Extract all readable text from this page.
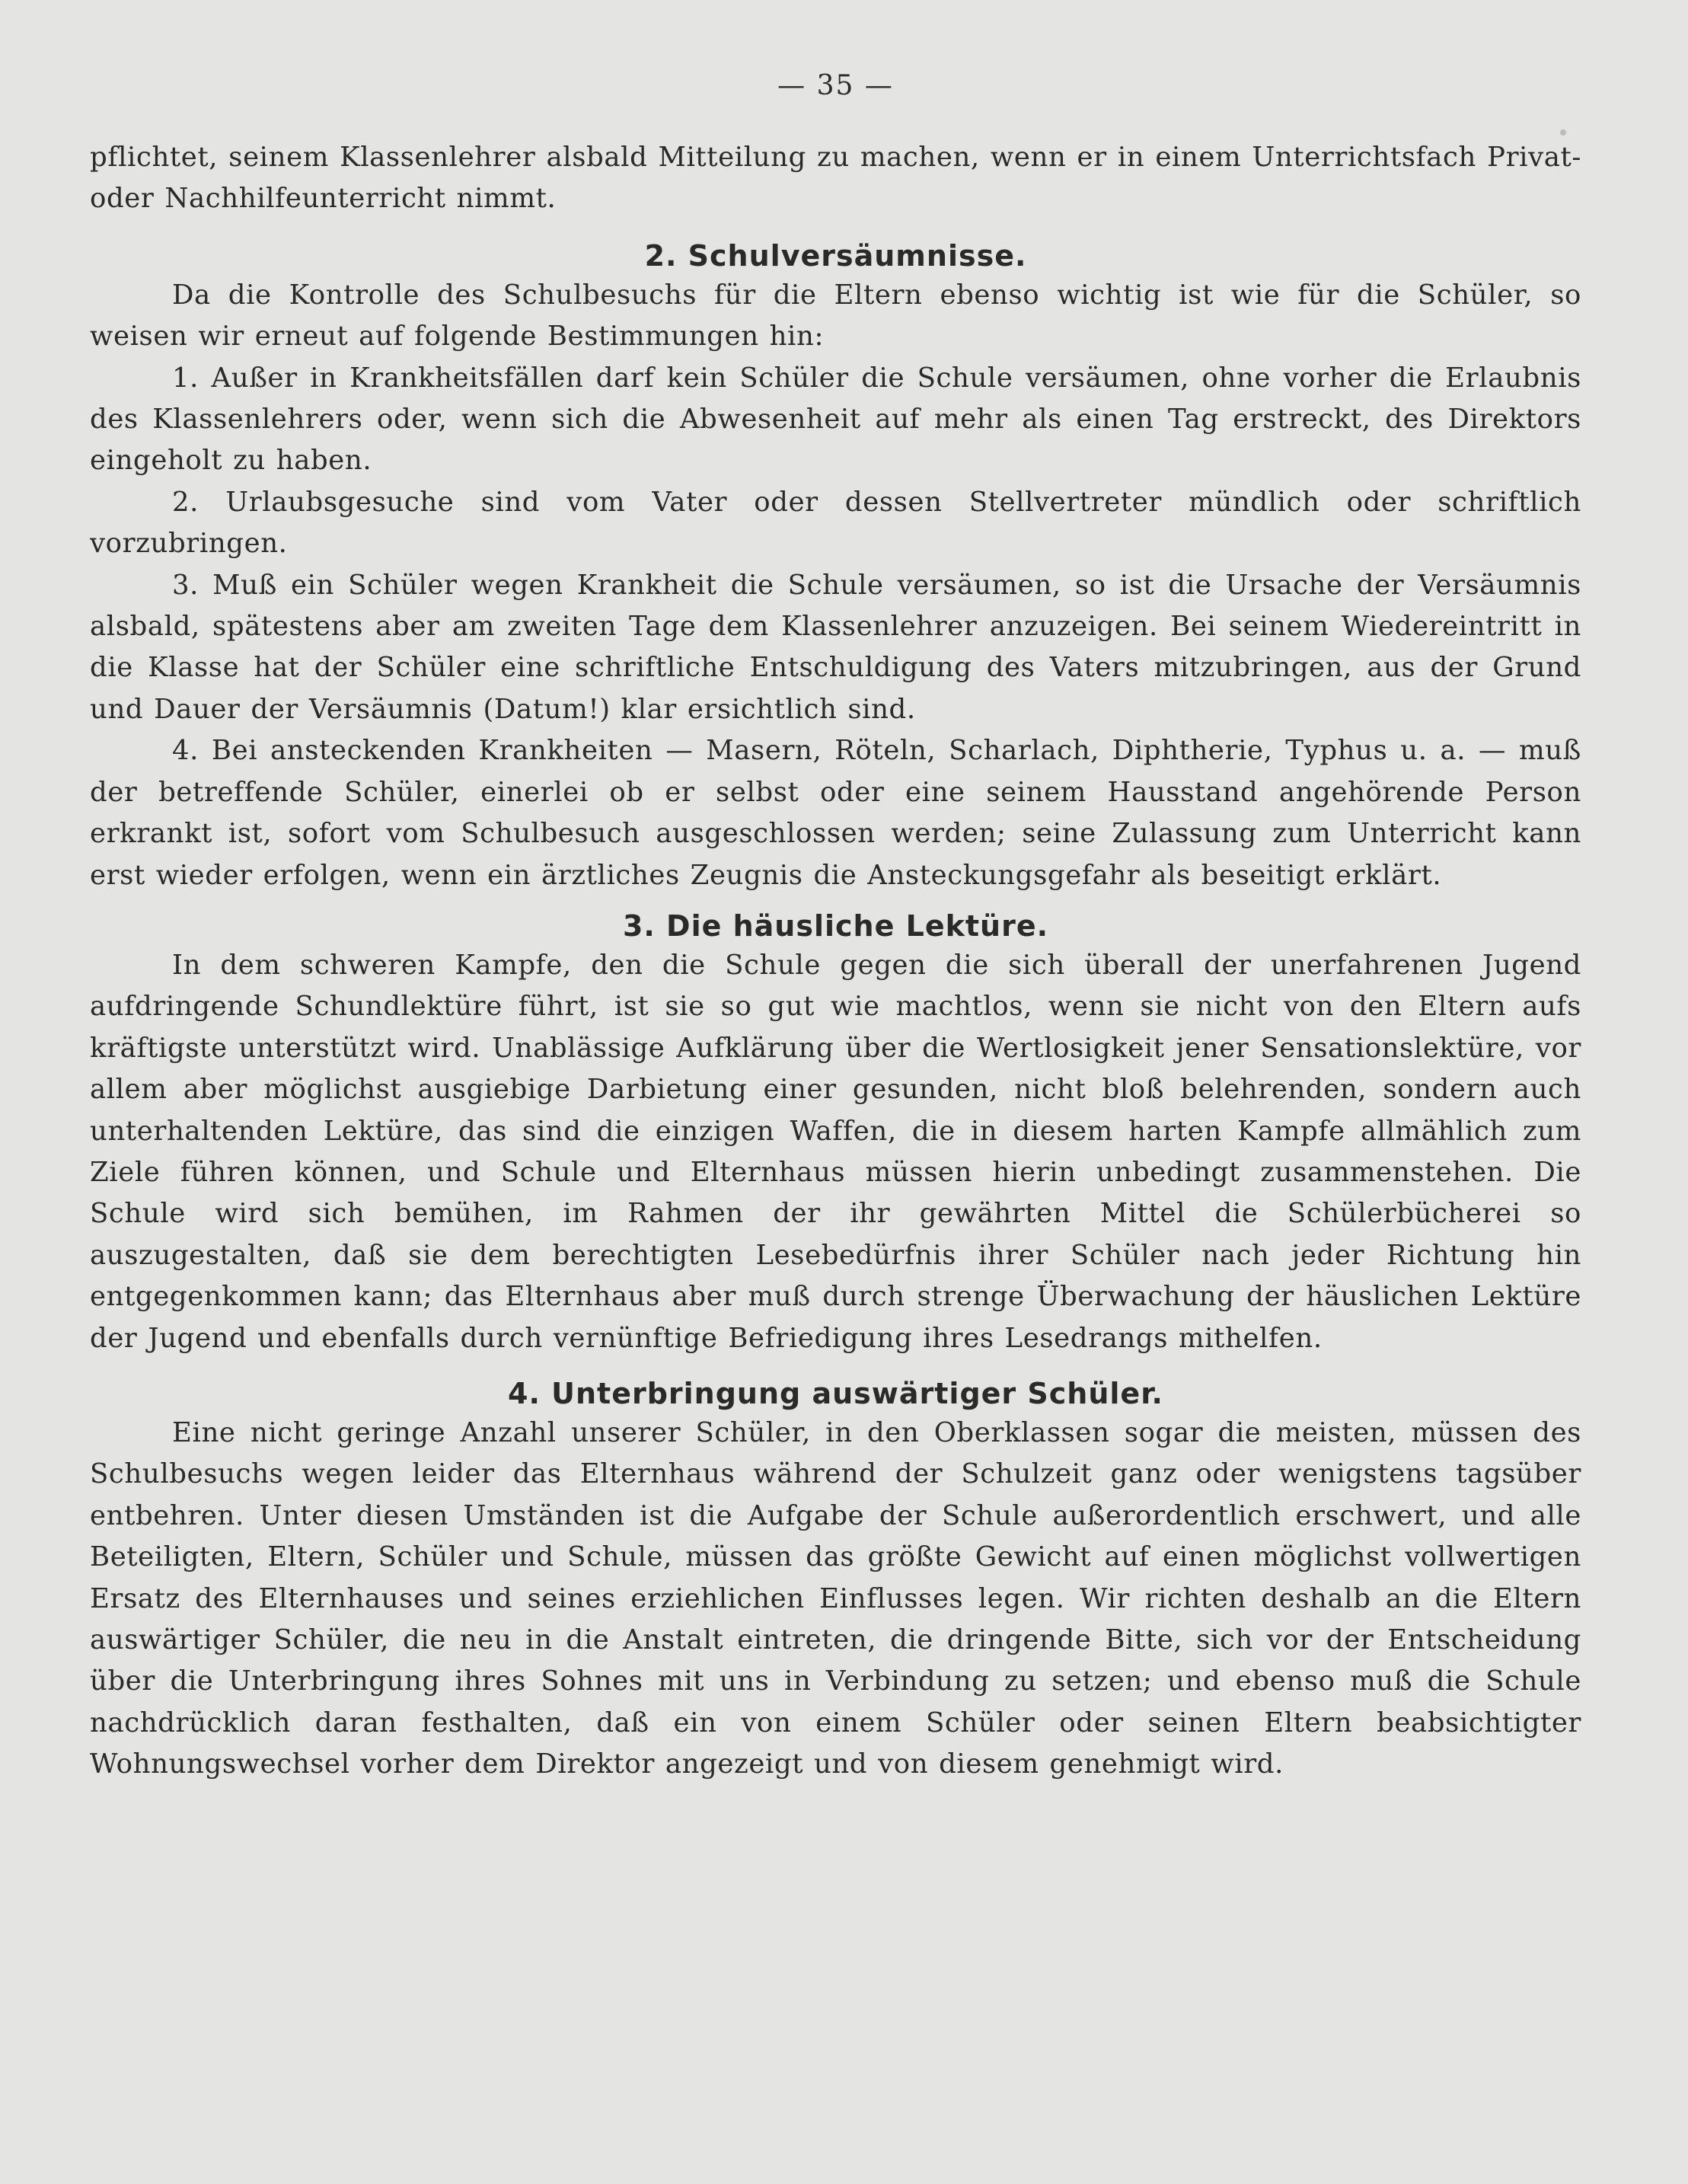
— 35 —

pflichtet, seinem Klassenlehrer alsbald Mitteilung zu machen, wenn er in einem Unterrichtsfach Privat- oder Nachhilfeunterricht nimmt.

2. Schulversäumnisse.

Da die Kontrolle des Schulbesuchs für die Eltern ebenso wichtig ist wie für die Schüler, so weisen wir erneut auf folgende Bestimmungen hin:

1. Außer in Krankheitsfällen darf kein Schüler die Schule versäumen, ohne vorher die Erlaubnis des Klassenlehrers oder, wenn sich die Abwesenheit auf mehr als einen Tag erstreckt, des Direktors eingeholt zu haben.

2. Urlaubsgesuche sind vom Vater oder dessen Stellvertreter mündlich oder schriftlich vorzubringen.

3. Muß ein Schüler wegen Krankheit die Schule versäumen, so ist die Ursache der Versäumnis alsbald, spätestens aber am zweiten Tage dem Klassenlehrer anzuzeigen. Bei seinem Wiedereintritt in die Klasse hat der Schüler eine schriftliche Entschuldigung des Vaters mitzubringen, aus der Grund und Dauer der Versäumnis (Datum!) klar ersichtlich sind.

4. Bei ansteckenden Krankheiten — Masern, Röteln, Scharlach, Diphtherie, Typhus u. a. — muß der betreffende Schüler, einerlei ob er selbst oder eine seinem Hausstand angehörende Person erkrankt ist, sofort vom Schulbesuch ausgeschlossen werden; seine Zulassung zum Unterricht kann erst wieder erfolgen, wenn ein ärztliches Zeugnis die Ansteckungsgefahr als beseitigt erklärt.

3. Die häusliche Lektüre.

In dem schweren Kampfe, den die Schule gegen die sich überall der unerfahrenen Jugend aufdringende Schundlektüre führt, ist sie so gut wie machtlos, wenn sie nicht von den Eltern aufs kräftigste unterstützt wird. Unablässige Aufklärung über die Wertlosigkeit jener Sensationslektüre, vor allem aber möglichst ausgiebige Darbietung einer gesunden, nicht bloß belehrenden, sondern auch unterhaltenden Lektüre, das sind die einzigen Waffen, die in diesem harten Kampfe allmählich zum Ziele führen können, und Schule und Elternhaus müssen hierin unbedingt zusammenstehen. Die Schule wird sich bemühen, im Rahmen der ihr gewährten Mittel die Schülerbücherei so auszugestalten, daß sie dem berechtigten Lesebedürfnis ihrer Schüler nach jeder Richtung hin entgegenkommen kann; das Elternhaus aber muß durch strenge Überwachung der häuslichen Lektüre der Jugend und ebenfalls durch vernünftige Befriedigung ihres Lesedrangs mithelfen.

4. Unterbringung auswärtiger Schüler.

Eine nicht geringe Anzahl unserer Schüler, in den Oberklassen sogar die meisten, müssen des Schulbesuchs wegen leider das Elternhaus während der Schulzeit ganz oder wenigstens tagsüber entbehren. Unter diesen Umständen ist die Aufgabe der Schule außerordentlich erschwert, und alle Beteiligten, Eltern, Schüler und Schule, müssen das größte Gewicht auf einen möglichst vollwertigen Ersatz des Elternhauses und seines erziehlichen Einflusses legen. Wir richten deshalb an die Eltern auswärtiger Schüler, die neu in die Anstalt eintreten, die dringende Bitte, sich vor der Entscheidung über die Unterbringung ihres Sohnes mit uns in Verbindung zu setzen; und ebenso muß die Schule nachdrücklich daran festhalten, daß ein von einem Schüler oder seinen Eltern beabsichtigter Wohnungswechsel vorher dem Direktor angezeigt und von diesem genehmigt wird.
